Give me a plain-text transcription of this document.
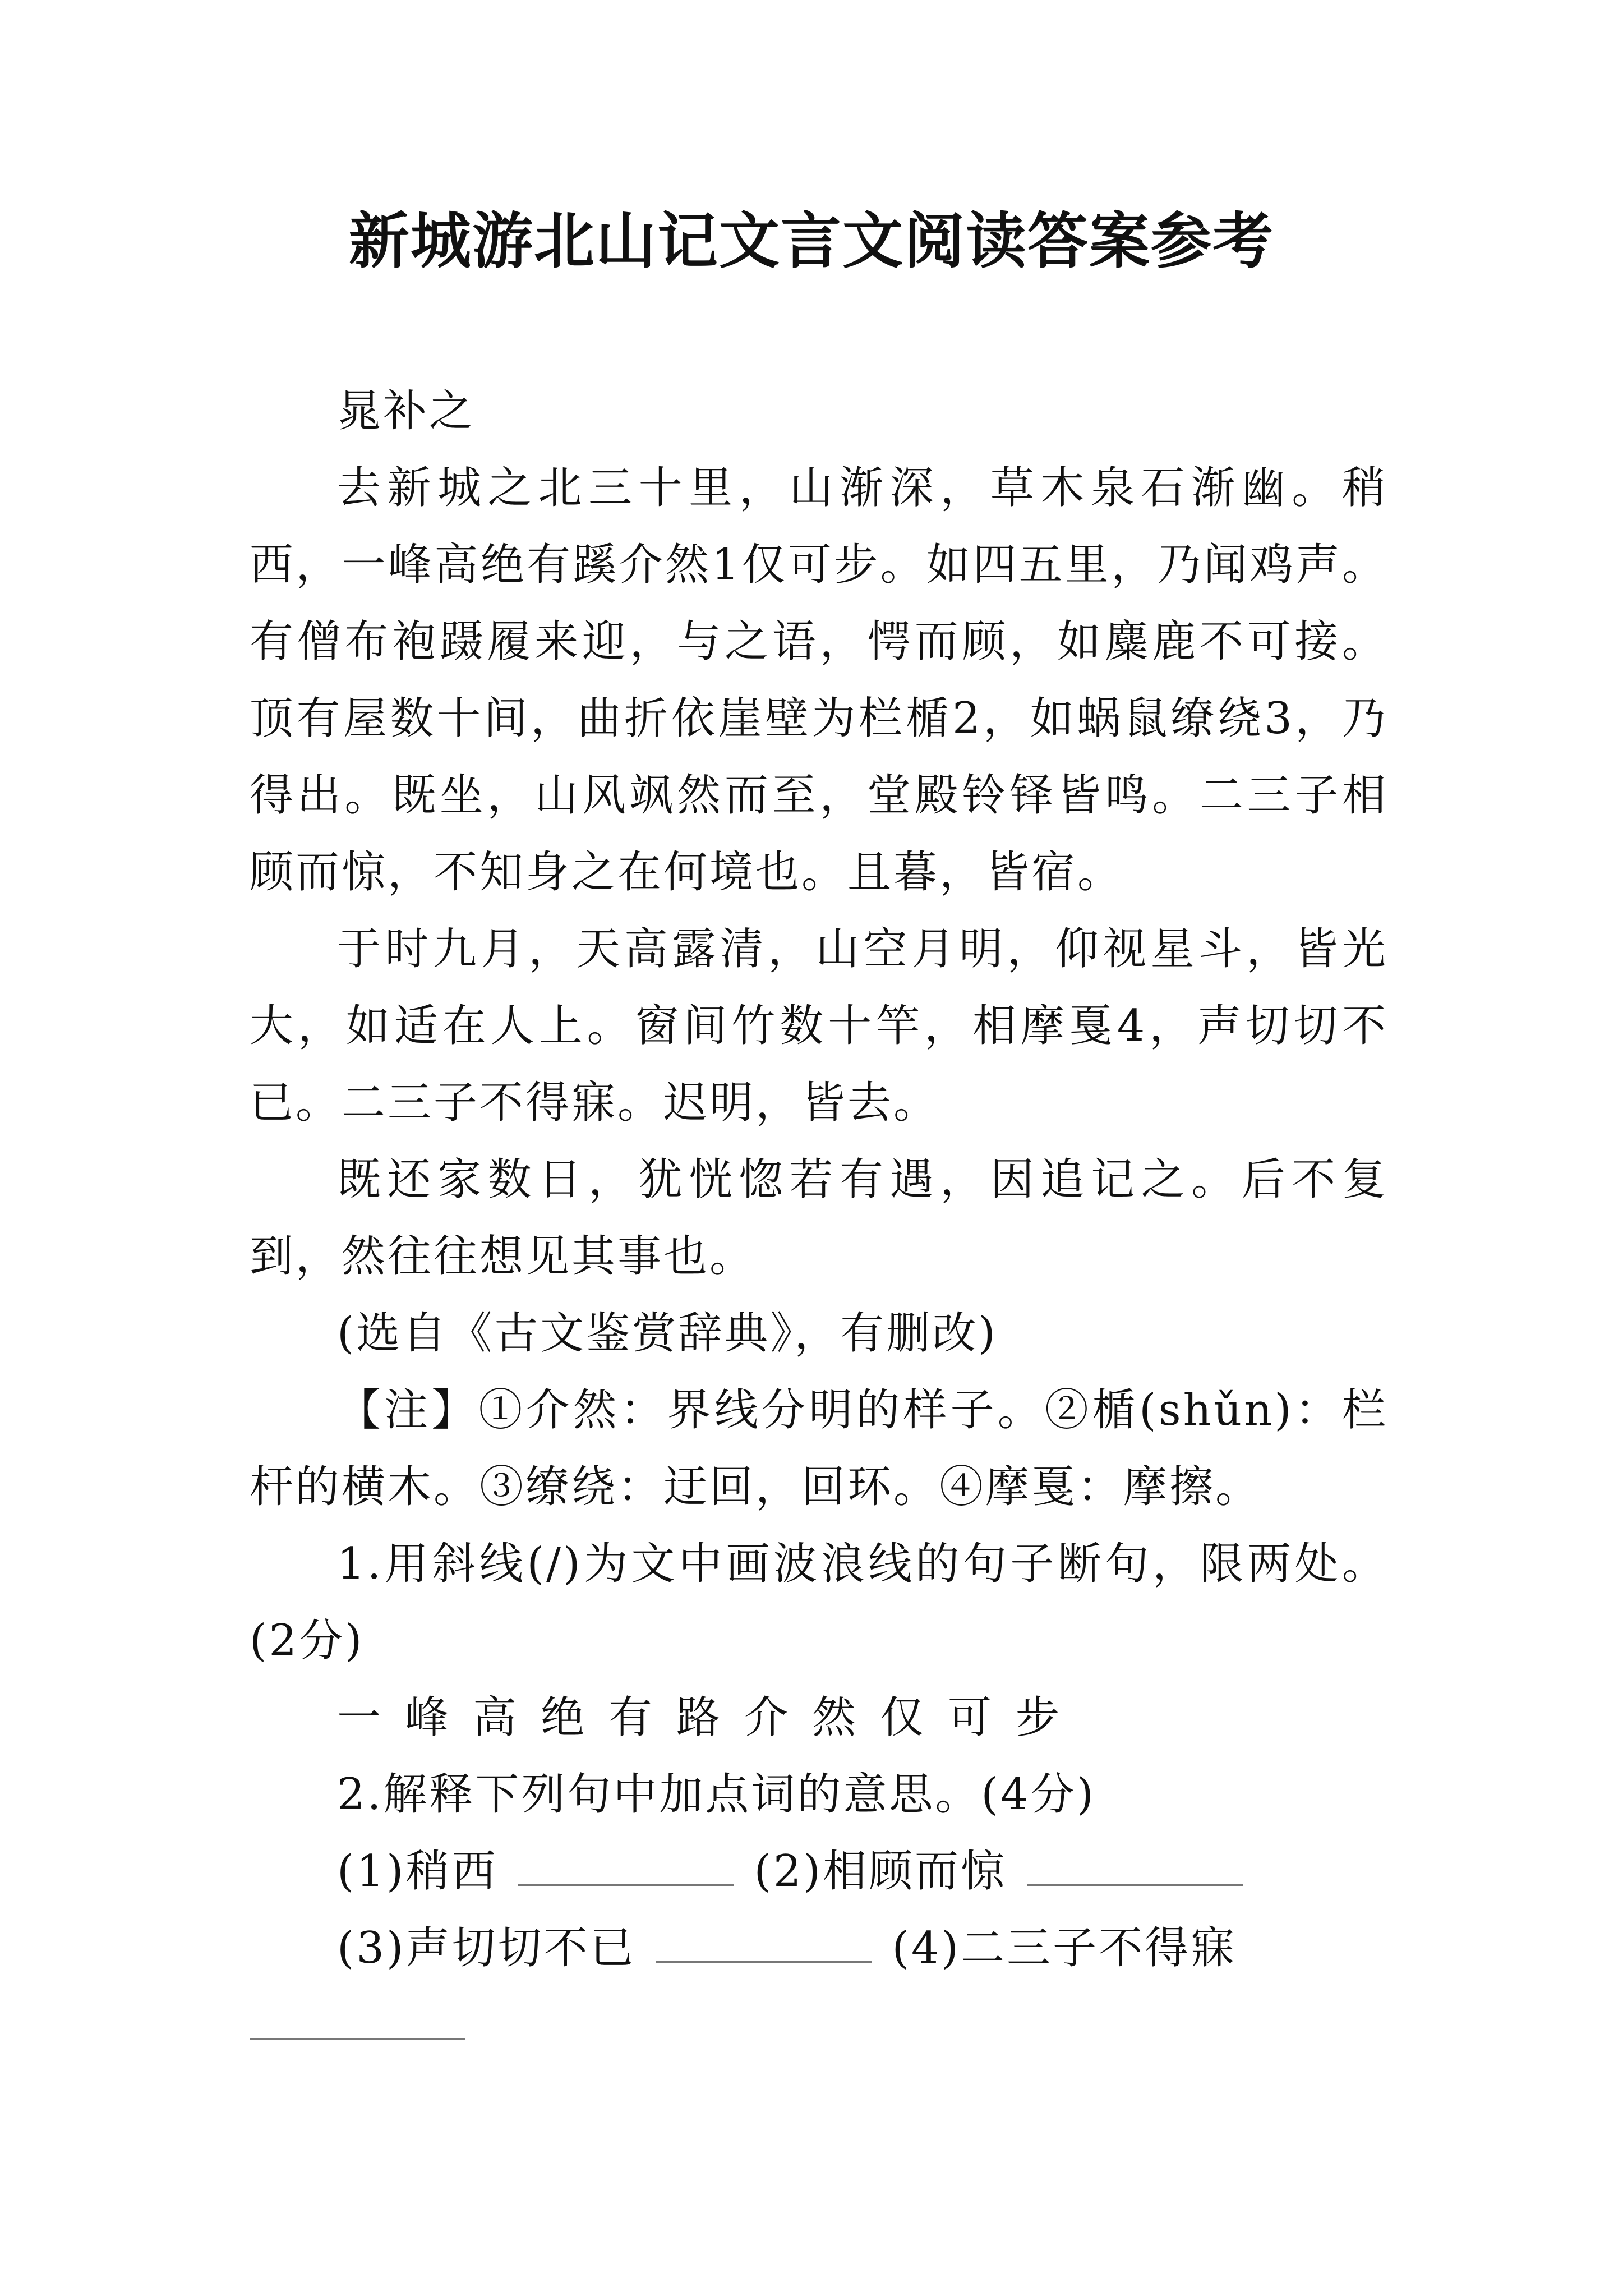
新城游北山记文言文阅读答案参考

晁补之

去新城之北三十里，山渐深，草木泉石渐幽。稍西，一峰高绝有蹊介然1仅可步。如四五里，乃闻鸡声。有僧布袍蹑履来迎，与之语，愕而顾，如麋鹿不可接。顶有屋数十间，曲折依崖壁为栏楯2，如蜗鼠缭绕3，乃得出。既坐，山风飒然而至，堂殿铃铎皆鸣。二三子相顾而惊，不知身之在何境也。且暮，皆宿。

于时九月，天高露清，山空月明，仰视星斗，皆光大，如适在人上。窗间竹数十竿，相摩戛4，声切切不已。二三子不得寐。迟明，皆去。

既还家数日，犹恍惚若有遇，因追记之。后不复到，然往往想见其事也。

(选自《古文鉴赏辞典》，有删改)

【注】①介然：界线分明的样子。②楯(shǔn)：栏杆的横木。③缭绕：迂回，回环。④摩戛：摩擦。

1.用斜线(/)为文中画波浪线的句子断句，限两处。(2分)

一峰高绝有路介然仅可步

2.解释下列句中加点词的意思。(4分)

(1)稍西	(2)相顾而惊

(3)声切切不已	(4)二三子不得寐
